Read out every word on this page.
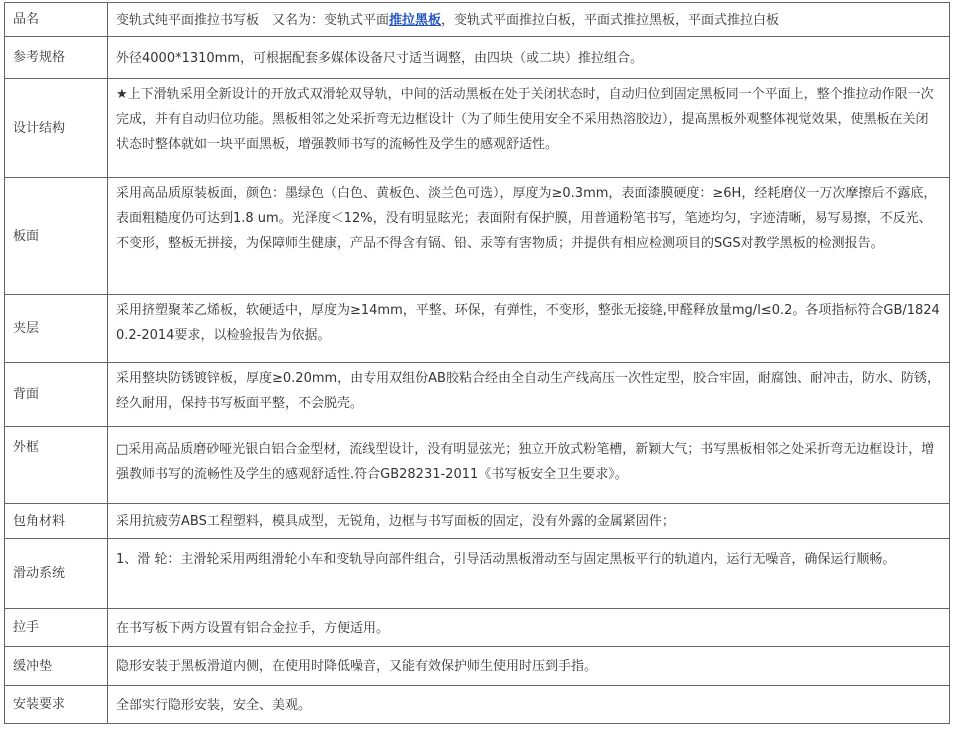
品名	变轨式纯平面推拉书写板　又名为：变轨式平面推拉黑板，变轨式平面推拉白板，平面式推拉黑板，平面式推拉白板
参考规格	外径4000*1310mm，可根据配套多媒体设备尺寸适当调整，由四块（或二块）推拉组合。
设计结构	★上下滑轨采用全新设计的开放式双滑轮双导轨，中间的活动黑板在处于关闭状态时，自动归位到固定黑板同一个平面上，整个推拉动作限一次完成，并有自动归位功能。黑板相邻之处采折弯无边框设计（为了师生使用安全不采用热溶胶边），提高黑板外观整体视觉效果，使黑板在关闭状态时整体就如一块平面黑板，增强教师书写的流畅性及学生的感观舒适性。
板面	采用高品质原装板面，颜色：墨绿色（白色、黄板色、淡兰色可选），厚度为≥0.3mm，表面漆膜硬度：≥6H，经耗磨仪一万次摩擦后不露底，表面粗糙度仍可达到1.8 um。光泽度＜12%，没有明显眩光；表面附有保护膜，用普通粉笔书写，笔迹均匀，字迹清晰，易写易擦，不反光、不变形，整板无拼接，为保障师生健康，产品不得含有镉、铅、汞等有害物质；并提供有相应检测项目的SGS对教学黑板的检测报告。
夹层	采用挤塑聚苯乙烯板，软硬适中，厚度为≥14mm，平整、环保，有弹性，不变形，整张无接缝,甲醛释放量mg/l≤0.2。各项指标符合GB/18240.2-2014要求，以检验报告为依据。
背面	采用整块防锈镀锌板，厚度≥0.20mm，由专用双组份AB胶粘合经由全自动生产线高压一次性定型，胶合牢固，耐腐蚀、耐冲击，防水、防锈，经久耐用，保持书写板面平整，不会脱壳。
外框	□采用高品质磨砂哑光银白铝合金型材，流线型设计，没有明显弦光；独立开放式粉笔槽，新颖大气；书写黑板相邻之处采折弯无边框设计，增强教师书写的流畅性及学生的感观舒适性.符合GB28231-2011《书写板安全卫生要求》。
包角材料	采用抗疲劳ABS工程塑料，模具成型，无锐角，边框与书写面板的固定，没有外露的金属紧固件；
滑动系统	1、滑 轮：主滑轮采用两组滑轮小车和变轨导向部件组合，引导活动黑板滑动至与固定黑板平行的轨道内，运行无噪音，确保运行顺畅。
拉手	在书写板下两方设置有铝合金拉手，方便适用。
缓冲垫	隐形安装于黑板滑道内侧，在使用时降低噪音，又能有效保护师生使用时压到手指。
安装要求	全部实行隐形安装，安全、美观。
